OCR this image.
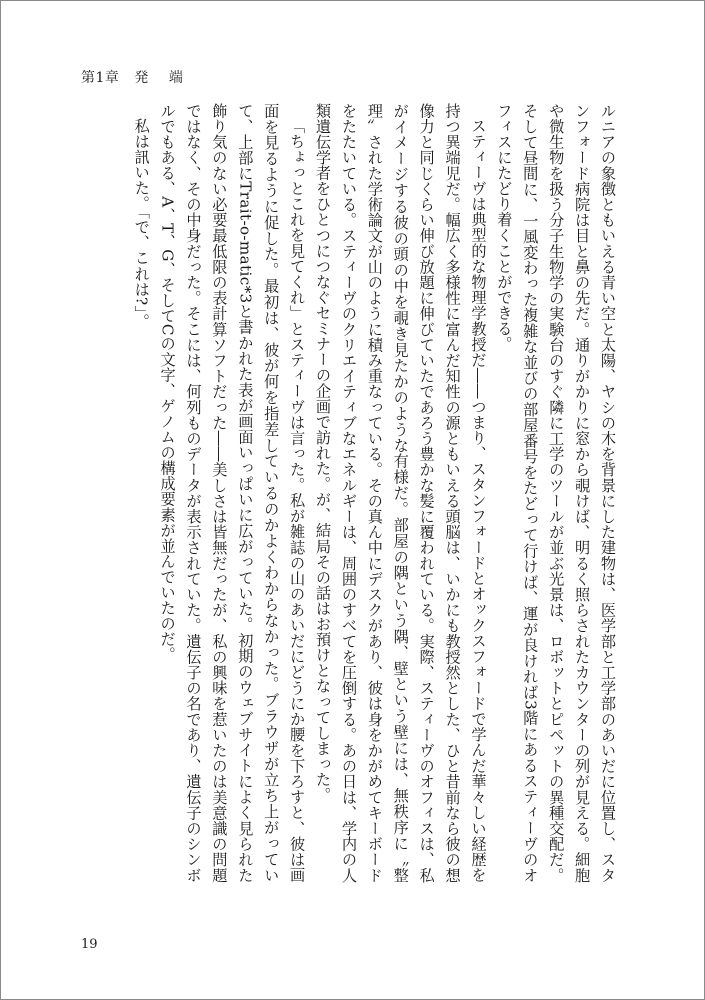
第1章 発 端

ルニアの象徴ともいえる青い空と太陽、ヤシの木を背景にした建物は、医学部と工学部のあいだに位置し、スタンフォード病院は目と鼻の先だ。通りがかりに窓から覗けば、明るく照らされたカウンターの列が見える。細胞や微生物を扱う分子生物学の実験台のすぐ隣に工学のツールが並ぶ光景は、ロボットとピペットの異種交配だ。そして昼間に、一風変わった複雑な並びの部屋番号をたどって行けば、運が良ければ3階にあるスティーヴのオフィスにたどり着くことができる。

スティーヴは典型的な物理学教授だ――つまり、スタンフォードとオックスフォードで学んだ華々しい経歴を持つ異端児だ。幅広く多様性に富んだ知性の源ともいえる頭脳は、いかにも教授然とした、ひと昔前なら彼の想像力と同じくらい伸び放題に伸びていたであろう豊かな髪に覆われている。実際、スティーヴのオフィスは、私がイメージする彼の頭の中を覗き見たかのような有様だ。部屋の隅という隅、壁という壁には、無秩序に〝整理〟された学術論文が山のように積み重なっている。その真ん中にデスクがあり、彼は身をかがめてキーボードをたたいている。スティーヴのクリエイティブなエネルギーは、周囲のすべてを圧倒する。あの日は、学内の人類遺伝学者をひとつにつなぐセミナーの企画で訪れた。が、結局その話はお預けとなってしまった。

「ちょっとこれを見てくれ」とスティーヴは言った。私が雑誌の山のあいだにどうにか腰を下ろすと、彼は画面を見るように促した。最初は、彼が何を指差しているのかよくわからなかった。ブラウザが立ち上がっていて、上部にTrait-o-matic*3と書かれた表が画面いっぱいに広がっていた。初期のウェブサイトによく見られた飾り気のない必要最低限の表計算ソフトだった――美しさは皆無だったが、私の興味を惹いたのは美意識の問題ではなく、その中身だった。そこには、何列ものデータが表示されていた。遺伝子の名であり、遺伝子のシンボルでもある、A、T、G、そしてCの文字、ゲノムの構成要素が並んでいたのだ。

私は訊いた。「で、これは?」。

19
